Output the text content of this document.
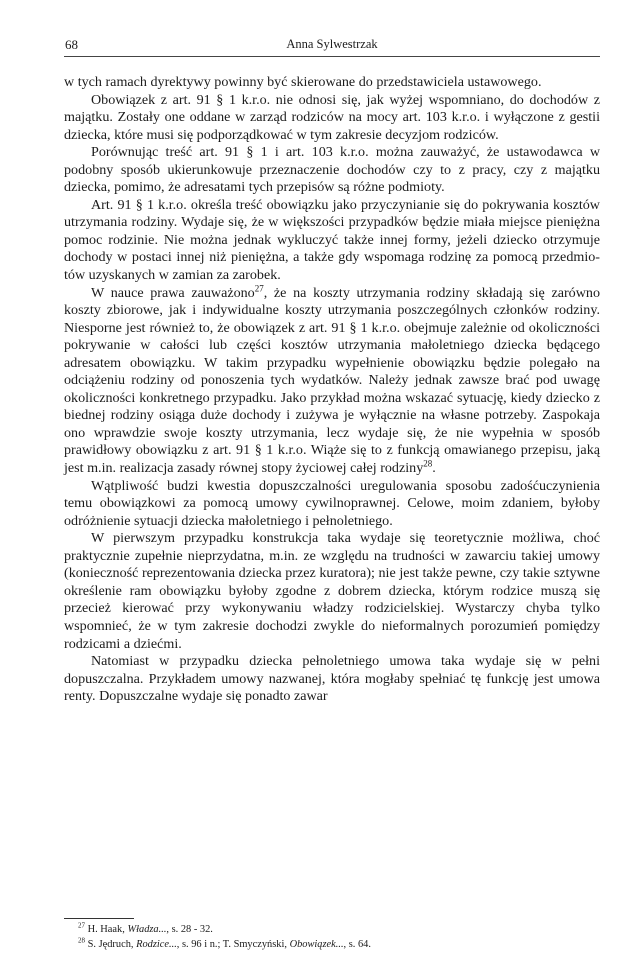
68	Anna Sylwestrzak

w tych ramach dyrektywy powinny być skierowane do przedstawiciela ustawowego.

Obowiązek z art. 91 § 1 k.r.o. nie odnosi się, jak wyżej wspomniano, do dochodów z majątku. Zostały one oddane w zarząd rodziców na mocy art. 103 k.r.o. i wyłączone z gestii dziecka, które musi się podporządkować w tym zakresie decyzjom rodziców.

Porównując treść art. 91 § 1 i art. 103 k.r.o. można zauważyć, że ustawodawca w podobny sposób ukierunkowuje przeznaczenie dochodów czy to z pracy, czy z majątku dziecka, pomimo, że adresatami tych przepisów są różne podmioty.

Art. 91 § 1 k.r.o. określa treść obowiązku jako przyczynianie się do pokrywania kosztów utrzymania rodziny. Wydaje się, że w większości przypadków będzie miała miejsce pieniężna pomoc rodzinie. Nie można jednak wykluczyć także innej formy, jeżeli dziecko otrzymuje dochody w postaci innej niż pieniężna, a także gdy wspomaga rodzinę za pomocą przedmiotów uzyskanych w zamian za zarobek.

W nauce prawa zauważono$^{27}$, że na koszty utrzymania rodziny składają się zarówno koszty zbiorowe, jak i indywidualne koszty utrzymania poszczególnych członków rodziny. Niesporne jest również to, że obowiązek z art. 91 § 1 k.r.o. obejmuje zależnie od okoliczności pokrywanie w całości lub części kosztów utrzymania małoletniego dziecka będącego adresatem obowiązku. W takim przypadku wypełnienie obowiązku będzie polegało na odciążeniu rodziny od ponoszenia tych wydatków. Należy jednak zawsze brać pod uwagę okoliczności konkretnego przypadku. Jako przykład można wskazać sytuację, kiedy dziecko z biednej rodziny osiąga duże dochody i zużywa je wyłącznie na własne potrzeby. Zaspokaja ono wprawdzie swoje koszty utrzymania, lecz wydaje się, że nie wypełnia w sposób prawidłowy obowiązku z art. 91 § 1 k.r.o. Wiąże się to z funkcją omawianego przepisu, jaką jest m.in. realizacja zasady równej stopy życiowej całej rodziny$^{28}$.

Wątpliwość budzi kwestia dopuszczalności uregulowania sposobu zadośćuczynienia temu obowiązkowi za pomocą umowy cywilnoprawnej. Celowe, moim zdaniem, byłoby odróżnienie sytuacji dziecka małoletniego i pełnoletniego.

W pierwszym przypadku konstrukcja taka wydaje się teoretycznie możliwa, choć praktycznie zupełnie nieprzydatna, m.in. ze względu na trudności w zawarciu takiej umowy (konieczność reprezentowania dziecka przez kuratora); nie jest także pewne, czy takie sztywne określenie ram obowiązku byłoby zgodne z dobrem dziecka, którym rodzice muszą się przecież kierować przy wykonywaniu władzy rodzicielskiej. Wystarczy chyba tylko wspomnieć, że w tym zakresie dochodzi zwykle do nieformalnych porozumień pomiędzy rodzicami a dziećmi.

Natomiast w przypadku dziecka pełnoletniego umowa taka wydaje się w pełni dopuszczalna. Przykładem umowy nazwanej, która mogłaby spełniać tę funkcję jest umowa renty. Dopuszczalne wydaje się ponadto zawar

$^{27}$ H. Haak, Władza..., s. 28 - 32.
$^{28}$ S. Jędruch, Rodzice..., s. 96 i n.; T. Smyczyński, Obowiązek..., s. 64.
